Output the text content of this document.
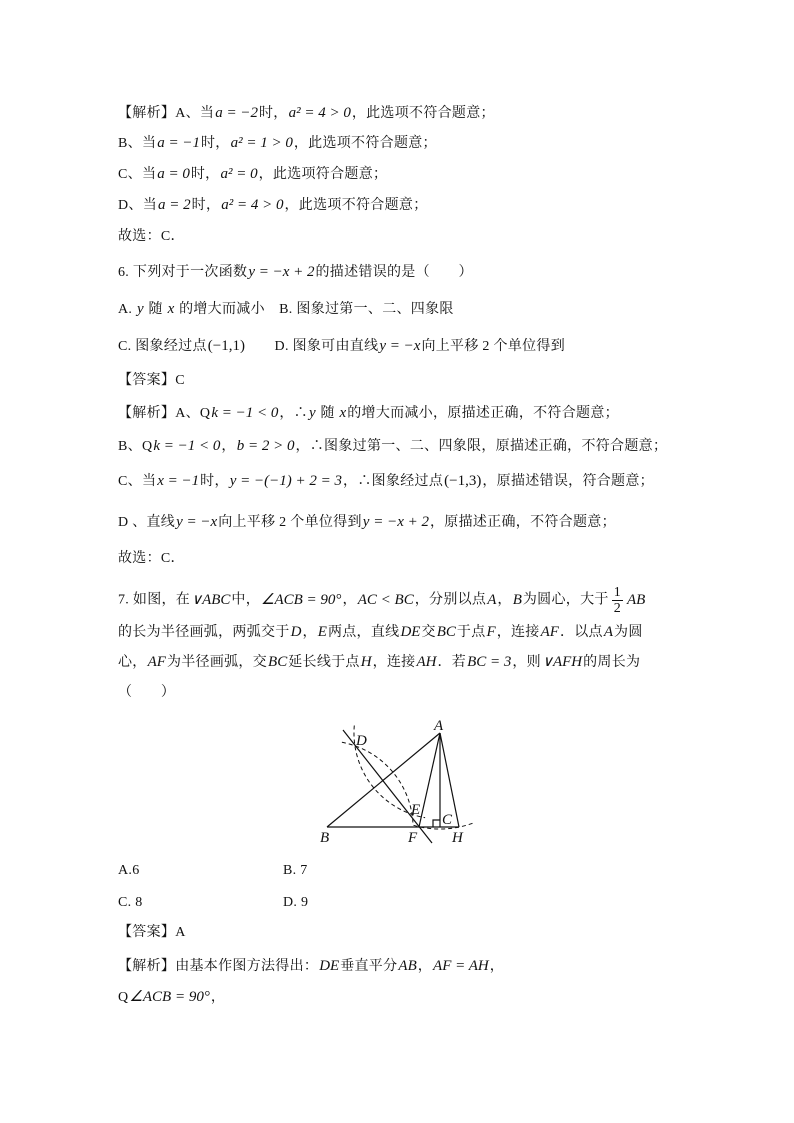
【解析】A、当a = −2时，a² = 4 > 0，此选项不符合题意；
B、当a = −1时，a² = 1 > 0，此选项不符合题意；
C、当a = 0时，a² = 0，此选项符合题意；
D、当a = 2时，a² = 4 > 0，此选项不符合题意；
故选：C．
6. 下列对于一次函数y = −x + 2的描述错误的是（　　）
A. y 随 x 的增大而减小　B. 图象过第一、二、四象限
C. 图象经过点(−1,1)　　D. 图象可由直线y = −x向上平移 2 个单位得到
【答案】C
【解析】A、Qk = −1 < 0，∴y 随 x的增大而减小，原描述正确，不符合题意；
B、Qk = −1 < 0，b = 2 > 0，∴图象过第一、二、四象限，原描述正确，不符合题意；
C、当x = −1时，y = −(−1) + 2 = 3，∴图象经过点(−1,3)，原描述错误，符合题意；
D 、直线y = −x向上平移 2 个单位得到y = −x + 2，原描述正确，不符合题意；
故选：C．
7. 如图，在∨ABC中，∠ACB = 90°，AC < BC，分别以点A，B为圆心，大于 $\frac{1}{2}$ AB
的长为半径画弧，两弧交于D，E两点，直线DE交BC于点F，连接AF．以点A为圆
心，AF为半径画弧，交BC延长线于点H，连接AH．若BC = 3，则∨AFH的周长为
（　　）
A
D
E
C
B	F H
A.6	B. 7
C. 8	D. 9
【答案】A
【解析】由基本作图方法得出：DE垂直平分AB，AF = AH，
Q∠ACB = 90°，
